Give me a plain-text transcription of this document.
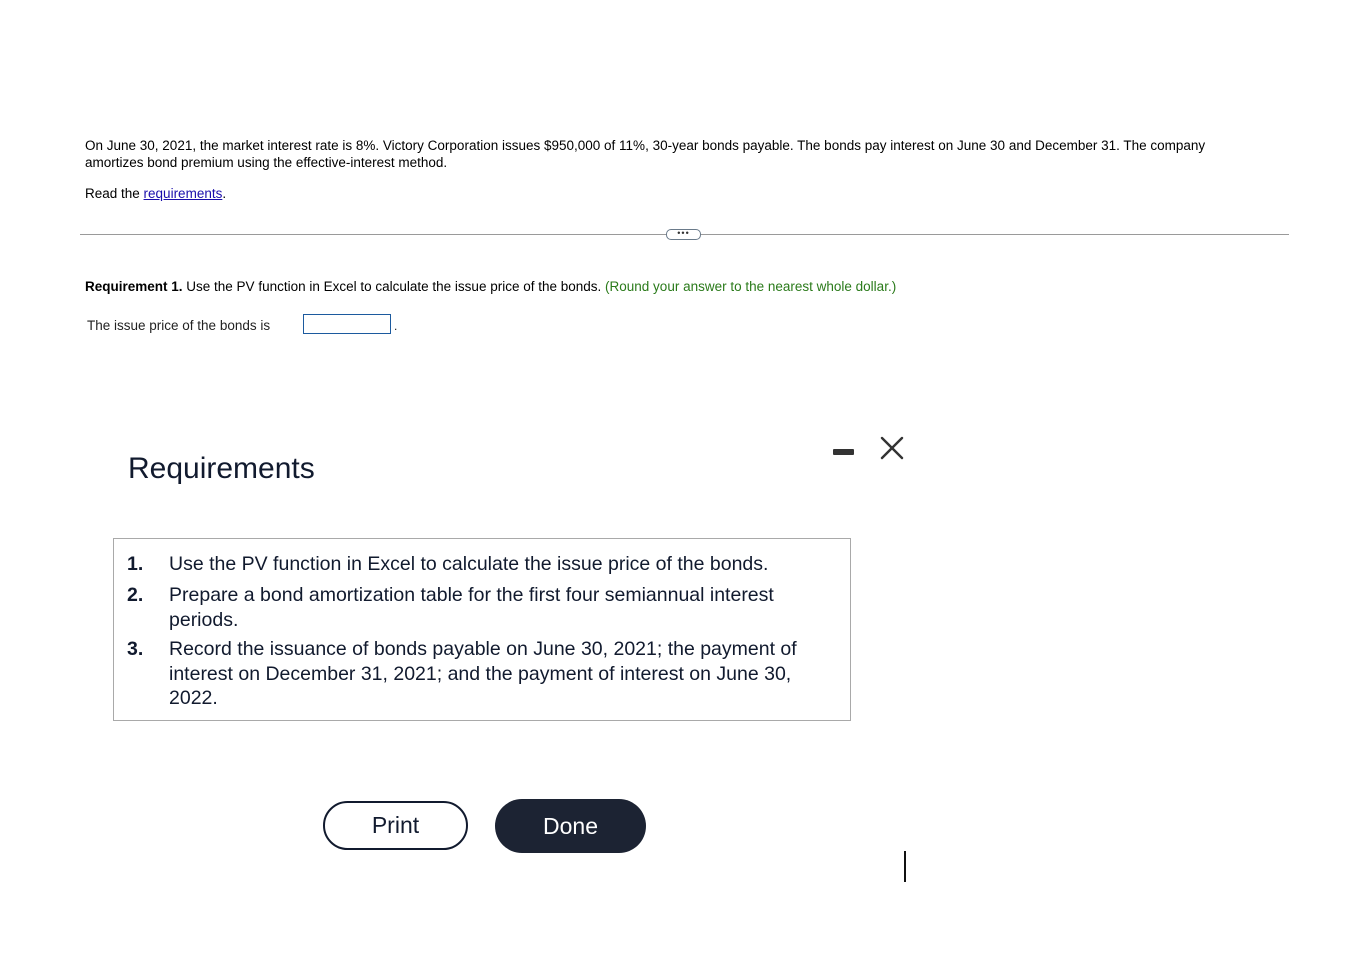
On June 30, 2021, the market interest rate is 8%. Victory Corporation issues $950,000 of 11%, 30-year bonds payable. The bonds pay interest on June 30 and December 31. The company amortizes bond premium using the effective-interest method.
Read the requirements.
•••
Requirement 1. Use the PV function in Excel to calculate the issue price of the bonds. (Round your answer to the nearest whole dollar.)
The issue price of the bonds is	.
Requirements
1. Use the PV function in Excel to calculate the issue price of the bonds.
2. Prepare a bond amortization table for the first four semiannual interest periods.
3. Record the issuance of bonds payable on June 30, 2021; the payment of interest on December 31, 2021; and the payment of interest on June 30, 2022.
Print	Done
